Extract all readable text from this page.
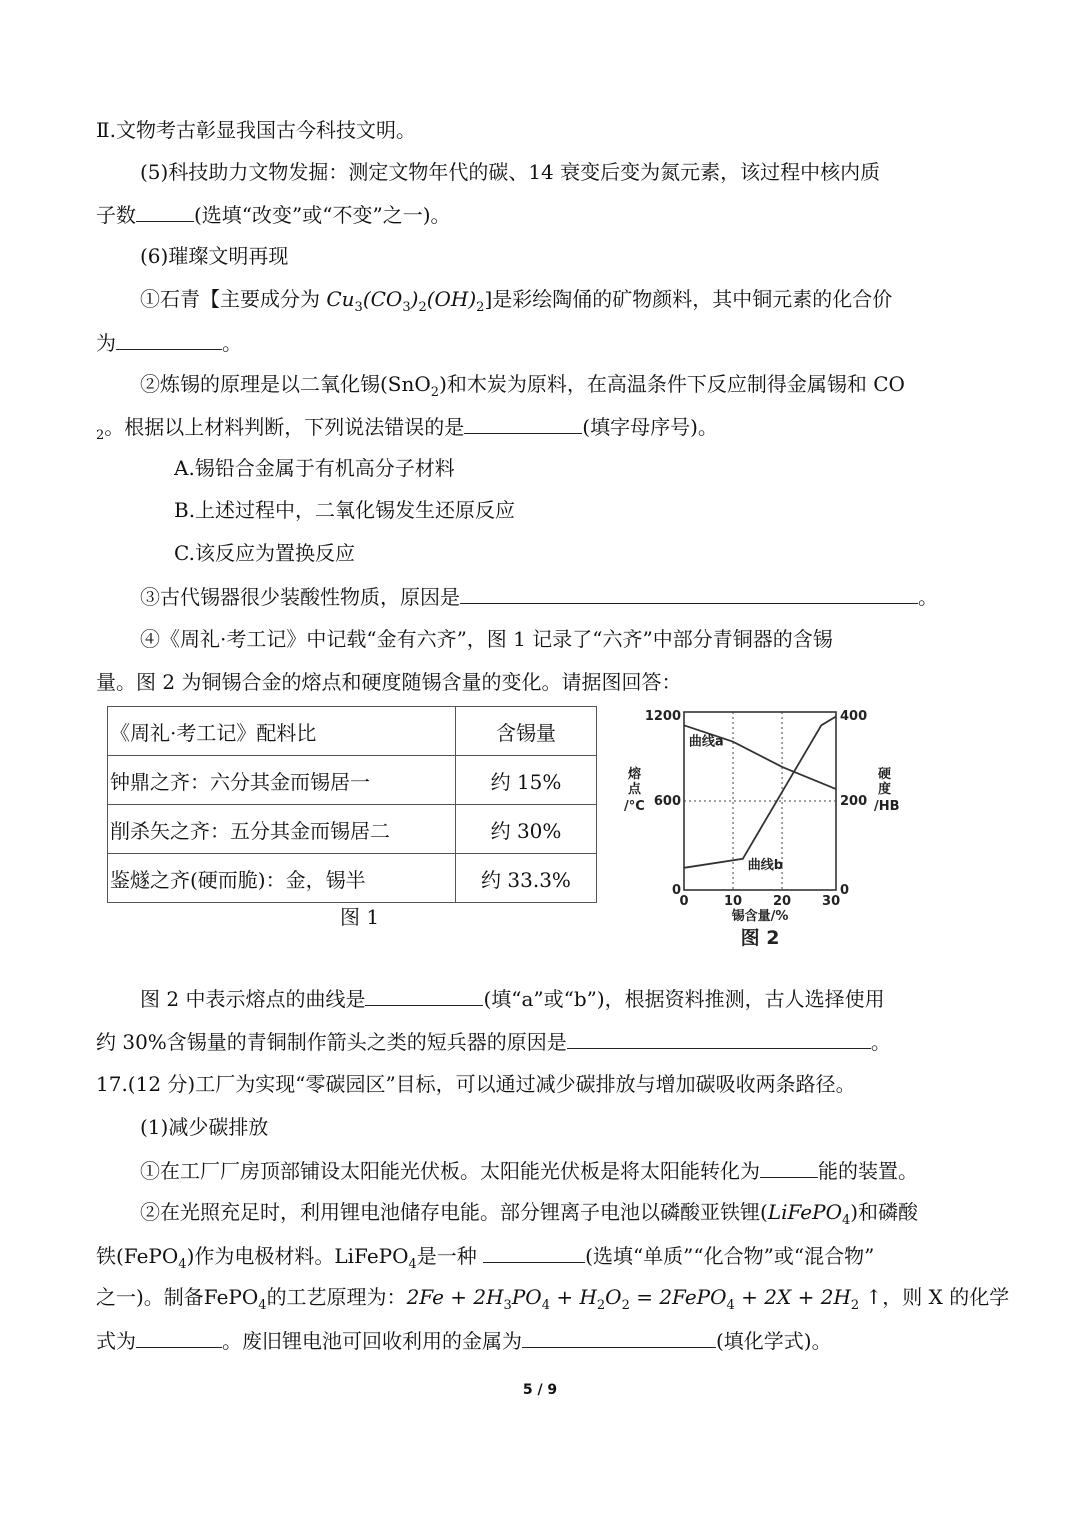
Ⅱ.文物考古彰显我国古今科技文明。
(5)科技助力文物发掘：测定文物年代的碳、14 衰变后变为氮元素，该过程中核内质
子数	(选填“改变”或“不变”之一)。
(6)璀璨文明再现
①石青【主要成分为 $Cu_3(CO_3)_2(OH)_2$]是彩绘陶俑的矿物颜料，其中铜元素的化合价
为	。
②炼锡的原理是以二氧化锡(SnO$_2$)和木炭为原料，在高温条件下反应制得金属锡和 CO
$_2$。根据以上材料判断，下列说法错误的是	(填字母序号)。
A.锡铅合金属于有机高分子材料
B.上述过程中，二氧化锡发生还原反应
C.该反应为置换反应
③古代锡器很少装酸性物质，原因是	。
④《周礼·考工记》中记载“金有六齐”，图 1 记录了“六齐”中部分青铜器的含锡
量。图 2 为铜锡合金的熔点和硬度随锡含量的变化。请据图回答：
《周礼·考工记》配料比	含锡量
钟鼎之齐：六分其金而锡居一	约 15%
削杀矢之齐：五分其金而锡居二	约 30%
鉴燧之齐(硬而脆)：金，锡半	约 33.3%
图 1
0	10 20 30
0
600
1200
0
200
400
锡含量/%
图 2
熔
点
/°C
硬
度
/HB
曲线a
曲线b
图 2 中表示熔点的曲线是	(填“a”或“b”)，根据资料推测，古人选择使用
约 30%含锡量的青铜制作箭头之类的短兵器的原因是	。
17.(12 分)工厂为实现“零碳园区”目标，可以通过减少碳排放与增加碳吸收两条路径。
(1)减少碳排放
①在工厂厂房顶部铺设太阳能光伏板。太阳能光伏板是将太阳能转化为	能的装置。
②在光照充足时，利用锂电池储存电能。部分锂离子电池以磷酸亚铁锂(LiFePO$_4$)和磷酸
铁(FePO$_4$)作为电极材料。LiFePO$_4$是一种	(选填“单质”“化合物”或“混合物”
之一)。制备FePO$_4$的工艺原理为：$2Fe + 2H_3PO_4 + H_2O_2$ = 2FePO$_4$ + $2X + 2H_2$ ↑，则 X 的化学
式为	。废旧锂电池可回收利用的金属为	(填化学式)。
5 / 9
